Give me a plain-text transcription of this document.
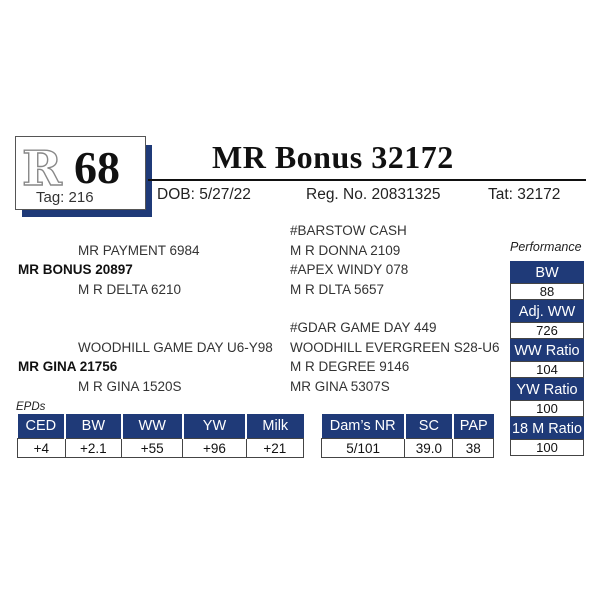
R 68
Tag: 216
MR Bonus 32172
DOB: 5/27/22	Reg. No. 20831325	Tat: 32172
#BARSTOW CASH
MR PAYMENT 6984	M R DONNA 2109
MR BONUS 20897	#APEX WINDY 078
M R DELTA 6210	M R DLTA 5657
#GDAR GAME DAY 449
WOODHILL GAME DAY U6-Y98 WOODHILL EVERGREEN S28-U6
MR GINA 21756	M R DEGREE 9146
M R GINA 1520S	MR GINA 5307S
Performance
BW
88
Adj. WW
726
WW Ratio
104
YW Ratio
100
18 M Ratio
100
EPDs
CED	BW	WW	YW	Milk
+4	+2.1	+55	+96	+21
Dam’s NR	SC	PAP
5/101	39.0	38
